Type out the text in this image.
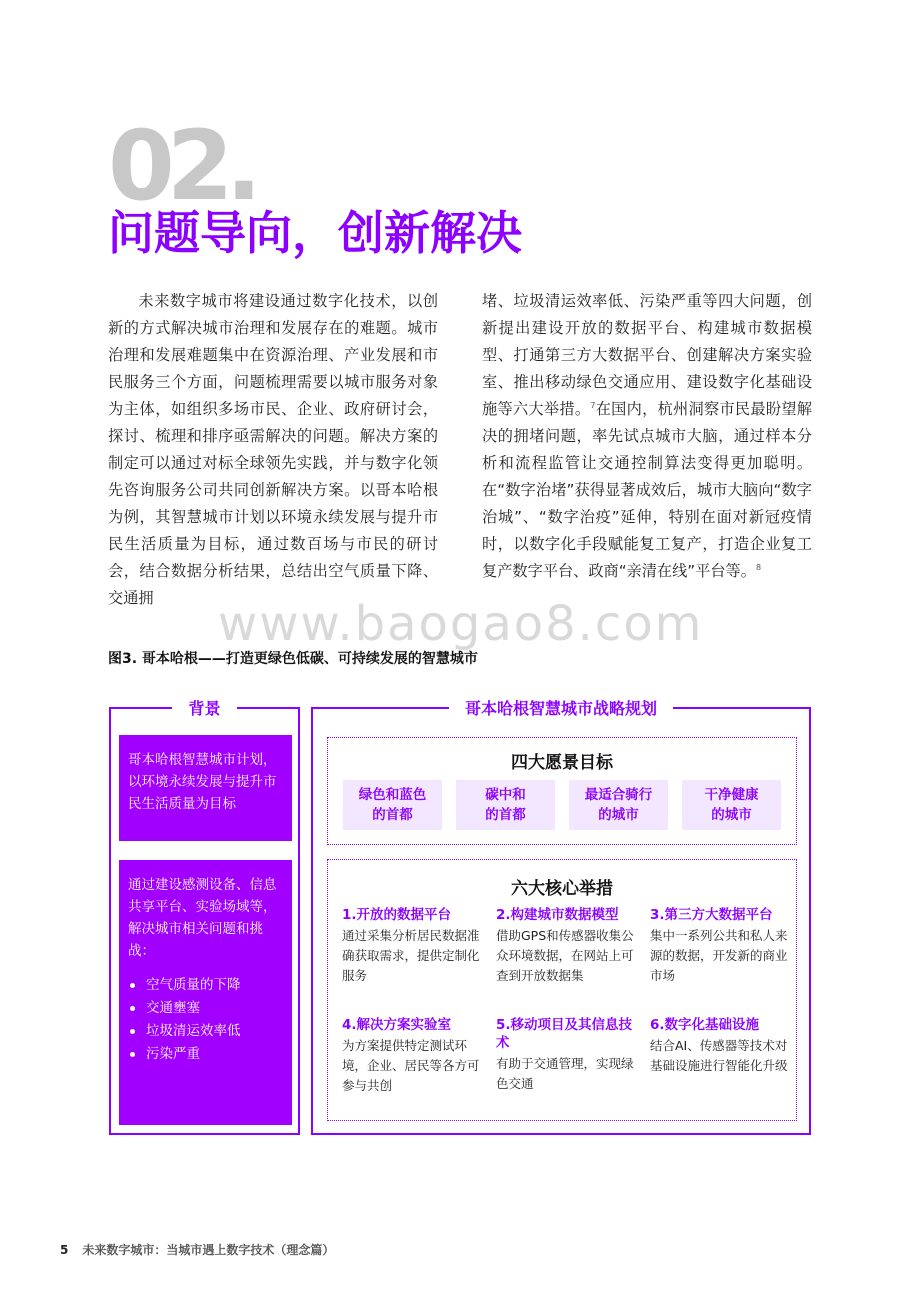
02.
问题导向，创新解决

未来数字城市将建设通过数字化技术，以创新的方式解决城市治理和发展存在的难题。城市治理和发展难题集中在资源治理、产业发展和市民服务三个方面，问题梳理需要以城市服务对象为主体，如组织多场市民、企业、政府研讨会，探讨、梳理和排序亟需解决的问题。解决方案的制定可以通过对标全球领先实践，并与数字化领先咨询服务公司共同创新解决方案。以哥本哈根为例，其智慧城市计划以环境永续发展与提升市民生活质量为目标，通过数百场与市民的研讨会，结合数据分析结果，总结出空气质量下降、交通拥

堵、垃圾清运效率低、污染严重等四大问题，创新提出建设开放的数据平台、构建城市数据模型、打通第三方大数据平台、创建解决方案实验室、推出移动绿色交通应用、建设数字化基础设施等六大举措。$^7$在国内，杭州洞察市民最盼望解决的拥堵问题，率先试点城市大脑，通过样本分析和流程监管让交通控制算法变得更加聪明。在“数字治堵”获得显著成效后，城市大脑向“数字治城”、“数字治疫”延伸，特别在面对新冠疫情时，以数字化手段赋能复工复产，打造企业复工复产数字平台、政商“亲清在线”平台等。$^8$

www.baogao8.com
图3. 哥本哈根——打造更绿色低碳、可持续发展的智慧城市
背景
哥本哈根智慧城市计划，以环境永续发展与提升市民生活质量为目标
通过建设感测设备、信息共享平台、实验场域等，解决城市相关问题和挑战：
空气质量的下降
交通壅塞
垃圾清运效率低
污染严重
哥本哈根智慧城市战略规划
四大愿景目标
绿色和蓝色
的首都
碳中和
的首都
最适合骑行
的城市
干净健康
的城市
六大核心举措
1.开放的数据平台
通过采集分析居民数据准确获取需求，提供定制化服务
2.构建城市数据模型
借助GPS和传感器收集公众环境数据，在网站上可查到开放数据集
3.第三方大数据平台
集中一系列公共和私人来源的数据，开发新的商业市场
4.解决方案实验室
为方案提供特定测试环境，企业、居民等各方可参与共创
5.移动项目及其信息技术
有助于交通管理，实现绿色交通
6.数字化基础设施
结合AI、传感器等技术对基础设施进行智能化升级
5 未来数字城市：当城市遇上数字技术（理念篇）
